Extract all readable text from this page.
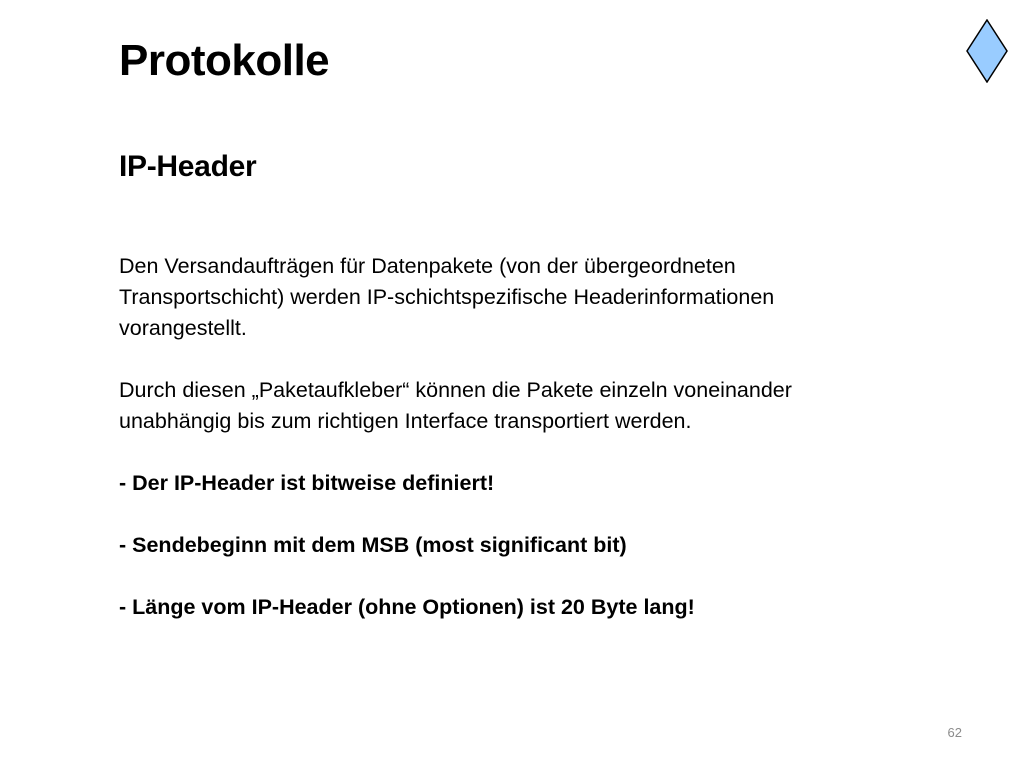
Protokolle
IP-Header

Den Versandaufträgen für Datenpakete (von der übergeordneten

Transportschicht) werden IP-schichtspezifische Headerinformationen

vorangestellt.

Durch diesen „Paketaufkleber“ können die Pakete einzeln voneinander

unabhängig bis zum richtigen Interface transportiert werden.

- Der IP-Header ist bitweise definiert!

- Sendebeginn mit dem MSB (most significant bit)

- Länge vom IP-Header (ohne Optionen) ist 20 Byte lang!

62
